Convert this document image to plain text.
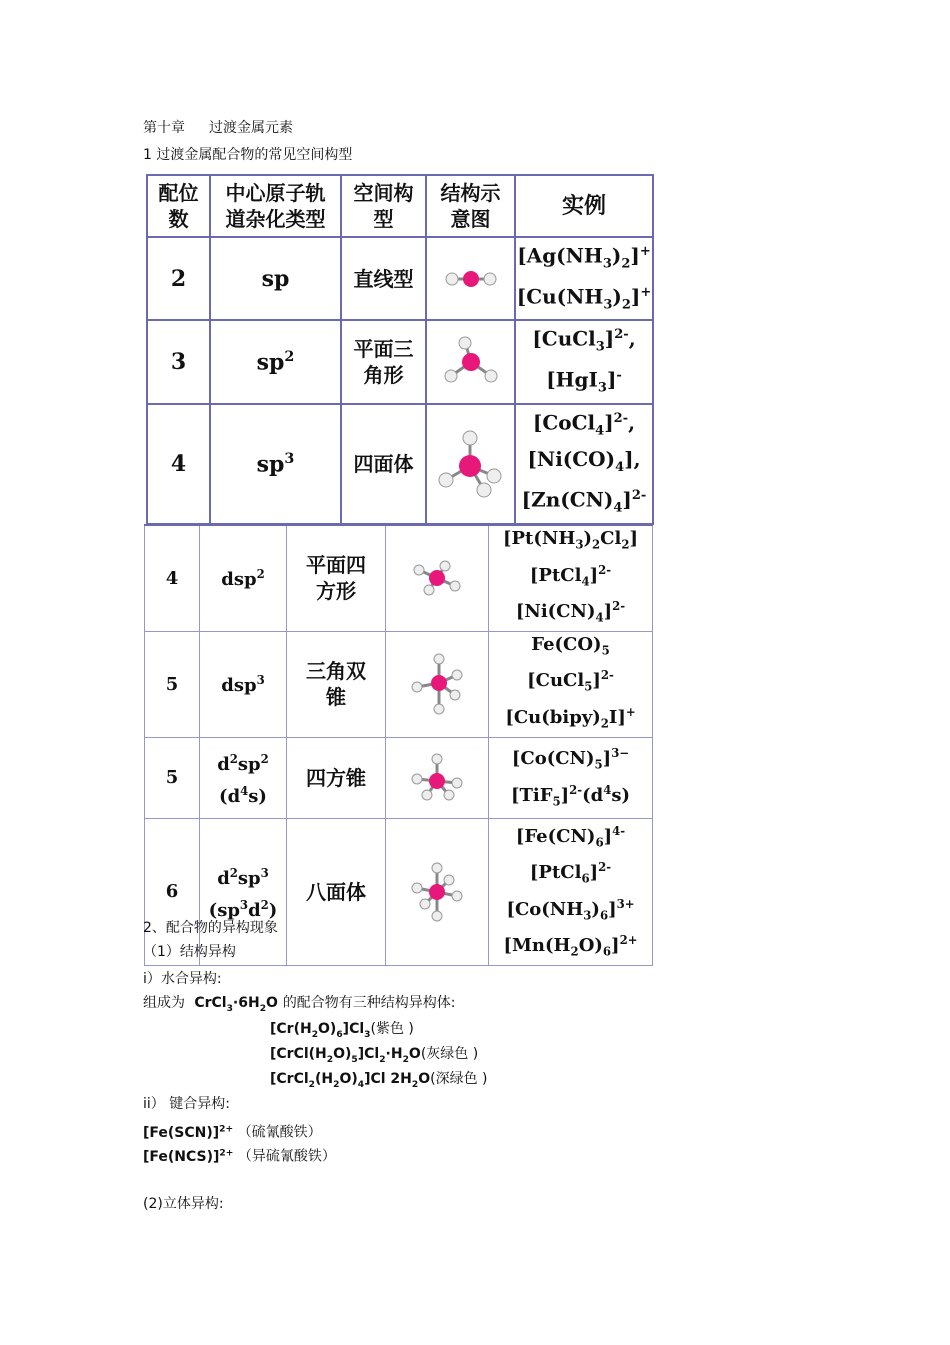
第十章 过渡金属元素
1 过渡金属配合物的常见空间构型
配位
数	中心原子轨
道杂化类型	空间构
型	结构示
意图	实例
2	sp	直线型		$[Ag(NH_3)_2]^+$
$[Cu(NH_3)_2]^+$
3	$sp^2$	平面三
角形		[CuCl$_3$]$^{2-}$,
[HgI$_3$]-
4	$sp^3$	四面体		[CoCl$_4$]$^{2-}$,
$[Ni(CO)_4]$,
$[Zn(CN)_4]^{2-}$
4	dsp$^2$	平面四
方形		$[Pt(NH_3)_2Cl_2]$
[PtCl$_4$]$^{2-}$
$[Ni(CN)_4]^{2-}$
5	dsp$^3$	三角双
锥		$Fe(CO)_5$
[CuCl$_5$]$^{2-}$
$[Cu(bipy)_2I]^+$
5	$d^2sp^2$
$(d^4s)$	四方锥		$[Co(CN)_5]^{3-}$
$[TiF_5]^{2-}(d^4s)$
6	$d^2sp^3$
$(sp^3d^2)$	八面体		$[Fe(CN)_6]^{4-}$
[PtCl$_6$]$^{2-}$
$[Co(NH_3)_6]^{3+}$
$[Mn(H_2O)_6]^{2+}$
2、配合物的异构现象
（1）结构异构
i）水合异构:
组成为  $CrCl_3\cdot 6H_2O$ 的配合物有三种结构异构体:
$[Cr(H_2O)_6]Cl_3$(紫色 )
$[CrCl(H_2O)_5]Cl_2\cdot H_2O$(灰绿色 )
$[CrCl_2(H_2O)_4]Cl$ $2H_2O$(深绿色 )
ii） 键合异构:
$[Fe(SCN)]^{2+}$ （硫氰酸铁）
$[Fe(NCS)]^{2+}$ （异硫氰酸铁）
(2)立体异构:
